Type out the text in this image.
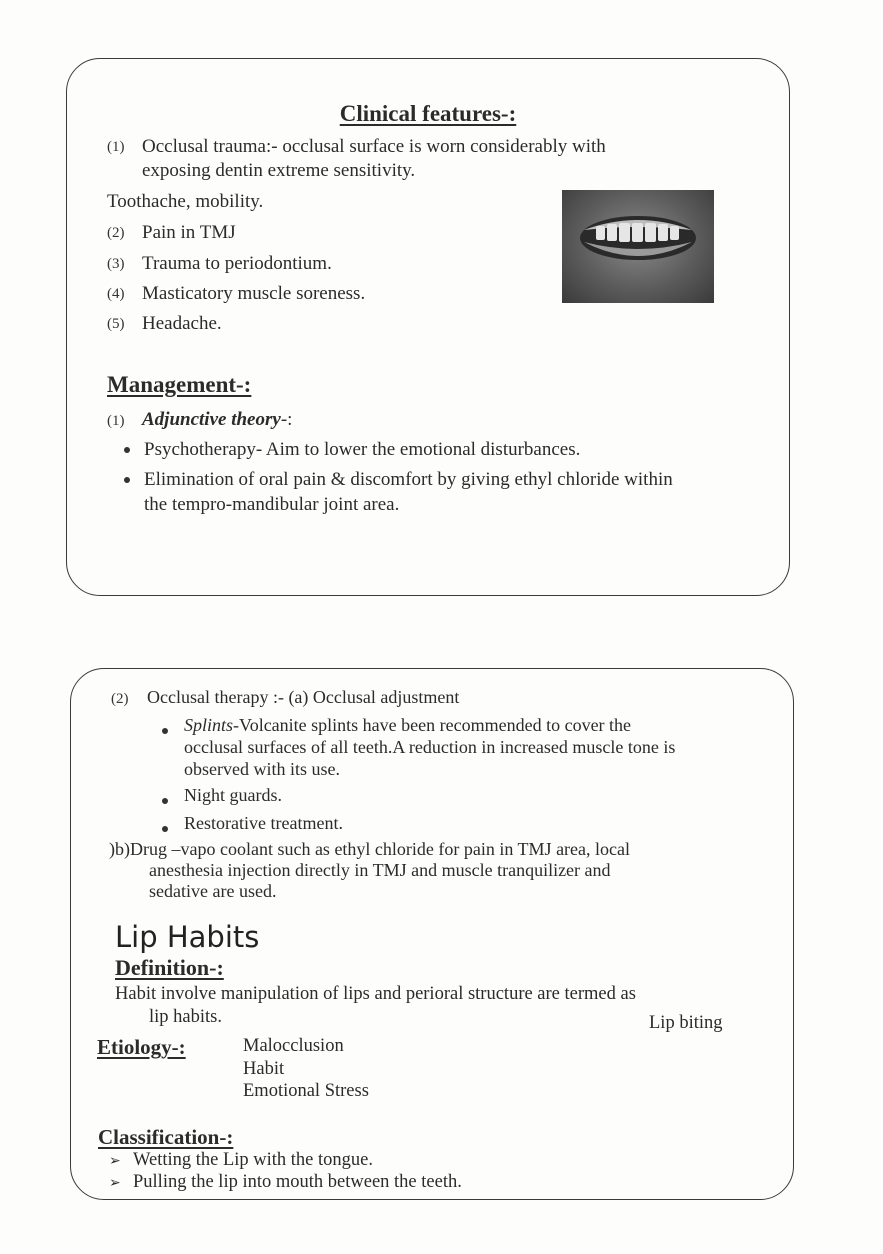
Clinical features-:
(1) Occlusal trauma:- occlusal surface is worn considerably with
exposing dentin extreme sensitivity.
Toothache, mobility.
(2) Pain in TMJ
(3) Trauma to periodontium.
(4) Masticatory muscle soreness.
(5) Headache.
Management-:
(1) Adjunctive theory-:
Psychotherapy- Aim to lower the emotional disturbances.
Elimination of oral pain & discomfort by giving ethyl chloride within
the tempro-mandibular joint area.
(2) Occlusal therapy :- (a) Occlusal adjustment
Splints-Volcanite splints have been recommended to cover the
occlusal surfaces of all teeth.A reduction in increased muscle tone is
observed with its use.
Night guards.
Restorative treatment.
)b)Drug –vapo coolant such as ethyl chloride for pain in TMJ area, local
anesthesia injection directly in TMJ and muscle tranquilizer and
sedative are used.
Lip Habits
Definition-:
Habit involve manipulation of lips and perioral structure are termed as
lip habits.	Lip biting
Etiology-:	Malocclusion
Habit
Emotional Stress
Classification-:
➢ Wetting the Lip with the tongue.
➢ Pulling the lip into mouth between the teeth.
